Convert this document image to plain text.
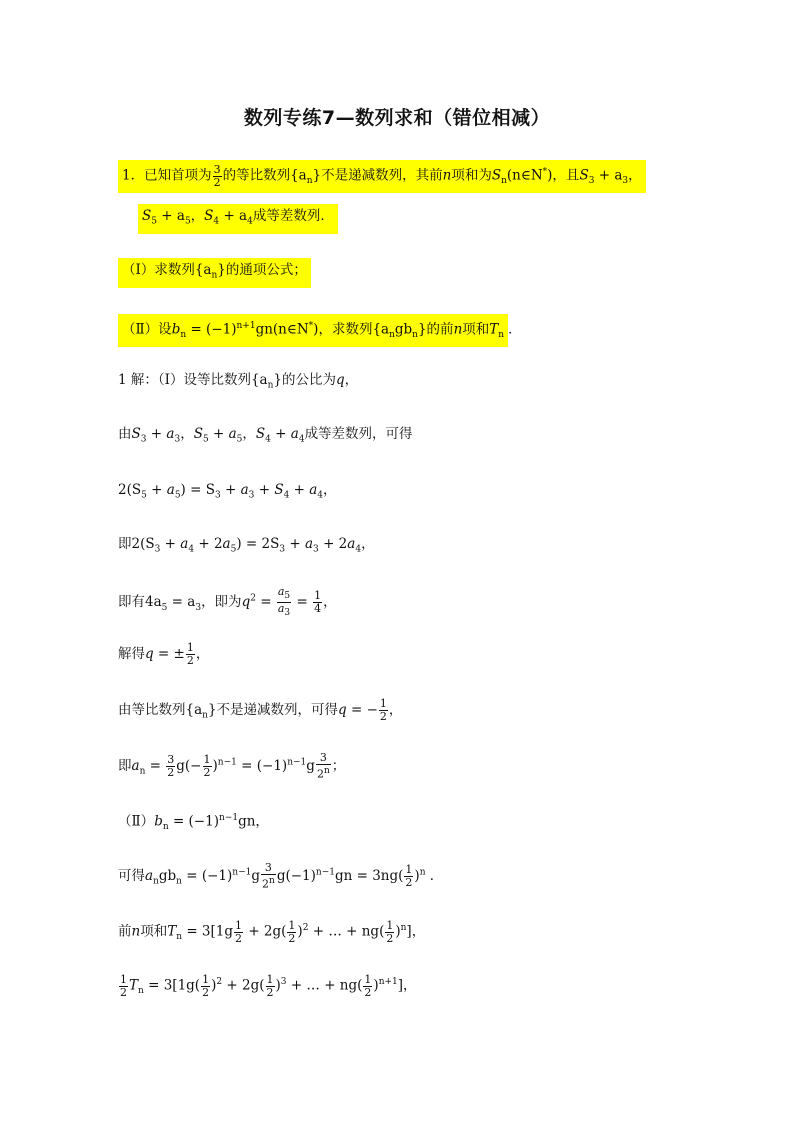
数列专练7—数列求和（错位相减）
1．已知首项为 $\frac{3}{2}$ 的等比数列$\{a_n\}$不是递减数列，其前n项和为$S_n(n\in N^*)$，且$S_3 + a_3$，
$S_5 + a_5$，$S_4 + a_4$成等差数列．
（Ⅰ）求数列$\{a_n\}$的通项公式；
（Ⅱ）设$b_n$ = $(-1)^{n+1}gn(n\in N^*)$，求数列$\{a_ngb_n\}$的前n项和$T_n$ ．
1 解：（Ⅰ）设等比数列$\{a_n\}$的公比为q，
由$S_3 + a_3$，$S_5 + a_5$，$S_4 + a_4$成等差数列，可得
$2(S_5 + a_5) = S_3 + a_3 + S_4 + a_4$，
即$2(S_3 + a_4 + 2a_5) = 2S_3 + a_3 + 2a_4$，
即有$4a_5 = a_3$，即为$q^2 = \frac{a_5}{a_3} = \frac{1}{4}$ ，
解得q = ± $\frac{1}{2}$ ，
由等比数列$\{a_n\}$不是递减数列，可得q = − $\frac{1}{2}$ ，
即$a_n = \frac{3}{2} g(- \frac{1}{2} )^{n-1} = (-1)^{n-1}g \frac{3}{2^n}$ ；
$(Ⅱ)b_n = (-1)^{n-1}gn$，
可得$a_ngb_n = (-1)^{n-1}g \frac{3}{2^n} g(-1)^{n-1}gn = 3ng( \frac{1}{2} )^n$ ．
前n项和$T_n = 3[1g \frac{1}{2} + 2g( \frac{1}{2} )^2$ + … + $ng( \frac{1}{2} )^n$]，
$\frac{1}{2} T_n = 3[1g( \frac{1}{2} )^2 + 2g( \frac{1}{2} )^3$ + … + $ng( \frac{1}{2} )^{n+1}$]，
